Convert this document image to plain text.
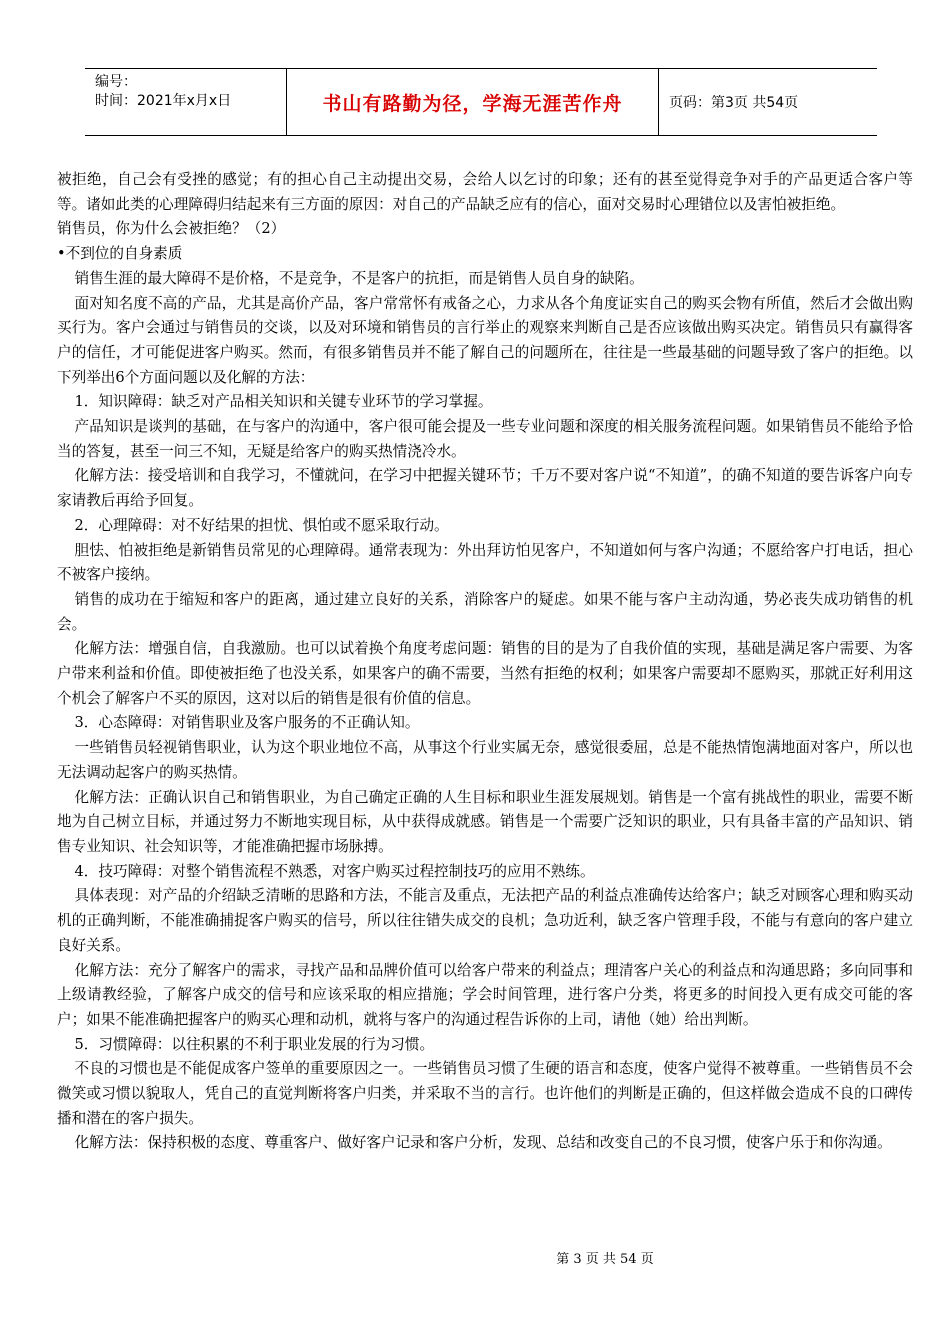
编号：
时间：2021年x月x日	书山有路勤为径，学海无涯苦作舟	页码：第3页 共54页

被拒绝，自己会有受挫的感觉；有的担心自己主动提出交易，会给人以乞讨的印象；还有的甚至觉得竞争对手的产品更适合客户等等。诸如此类的心理障碍归结起来有三方面的原因：对自己的产品缺乏应有的信心，面对交易时心理错位以及害怕被拒绝。

销售员，你为什么会被拒绝？（2）

•不到位的自身素质

销售生涯的最大障碍不是价格，不是竞争，不是客户的抗拒，而是销售人员自身的缺陷。

面对知名度不高的产品，尤其是高价产品，客户常常怀有戒备之心，力求从各个角度证实自己的购买会物有所值，然后才会做出购买行为。客户会通过与销售员的交谈，以及对环境和销售员的言行举止的观察来判断自己是否应该做出购买决定。销售员只有赢得客户的信任，才可能促进客户购买。然而，有很多销售员并不能了解自己的问题所在，往往是一些最基础的问题导致了客户的拒绝。以下列举出6个方面问题以及化解的方法：

1．知识障碍：缺乏对产品相关知识和关键专业环节的学习掌握。

产品知识是谈判的基础，在与客户的沟通中，客户很可能会提及一些专业问题和深度的相关服务流程问题。如果销售员不能给予恰当的答复，甚至一问三不知，无疑是给客户的购买热情浇冷水。

化解方法：接受培训和自我学习，不懂就问，在学习中把握关键环节；千万不要对客户说“不知道”，的确不知道的要告诉客户向专家请教后再给予回复。

2．心理障碍：对不好结果的担忧、惧怕或不愿采取行动。

胆怯、怕被拒绝是新销售员常见的心理障碍。通常表现为：外出拜访怕见客户，不知道如何与客户沟通；不愿给客户打电话，担心不被客户接纳。

销售的成功在于缩短和客户的距离，通过建立良好的关系，消除客户的疑虑。如果不能与客户主动沟通，势必丧失成功销售的机会。

化解方法：增强自信，自我激励。也可以试着换个角度考虑问题：销售的目的是为了自我价值的实现，基础是满足客户需要、为客户带来利益和价值。即使被拒绝了也没关系，如果客户的确不需要，当然有拒绝的权利；如果客户需要却不愿购买，那就正好利用这个机会了解客户不买的原因，这对以后的销售是很有价值的信息。

3．心态障碍：对销售职业及客户服务的不正确认知。

一些销售员轻视销售职业，认为这个职业地位不高，从事这个行业实属无奈，感觉很委屈，总是不能热情饱满地面对客户，所以也无法调动起客户的购买热情。

化解方法：正确认识自己和销售职业，为自己确定正确的人生目标和职业生涯发展规划。销售是一个富有挑战性的职业，需要不断地为自己树立目标，并通过努力不断地实现目标，从中获得成就感。销售是一个需要广泛知识的职业，只有具备丰富的产品知识、销售专业知识、社会知识等，才能准确把握市场脉搏。

4．技巧障碍：对整个销售流程不熟悉，对客户购买过程控制技巧的应用不熟练。

具体表现：对产品的介绍缺乏清晰的思路和方法，不能言及重点，无法把产品的利益点准确传达给客户；缺乏对顾客心理和购买动机的正确判断，不能准确捕捉客户购买的信号，所以往往错失成交的良机；急功近利，缺乏客户管理手段，不能与有意向的客户建立良好关系。

化解方法：充分了解客户的需求，寻找产品和品牌价值可以给客户带来的利益点；理清客户关心的利益点和沟通思路；多向同事和上级请教经验，了解客户成交的信号和应该采取的相应措施；学会时间管理，进行客户分类，将更多的时间投入更有成交可能的客户；如果不能准确把握客户的购买心理和动机，就将与客户的沟通过程告诉你的上司，请他（她）给出判断。

5．习惯障碍：以往积累的不利于职业发展的行为习惯。

不良的习惯也是不能促成客户签单的重要原因之一。一些销售员习惯了生硬的语言和态度，使客户觉得不被尊重。一些销售员不会微笑或习惯以貌取人，凭自己的直觉判断将客户归类，并采取不当的言行。也许他们的判断是正确的，但这样做会造成不良的口碑传播和潜在的客户损失。

化解方法：保持积极的态度、尊重客户、做好客户记录和客户分析，发现、总结和改变自己的不良习惯，使客户乐于和你沟通。

第 3 页 共 54 页
